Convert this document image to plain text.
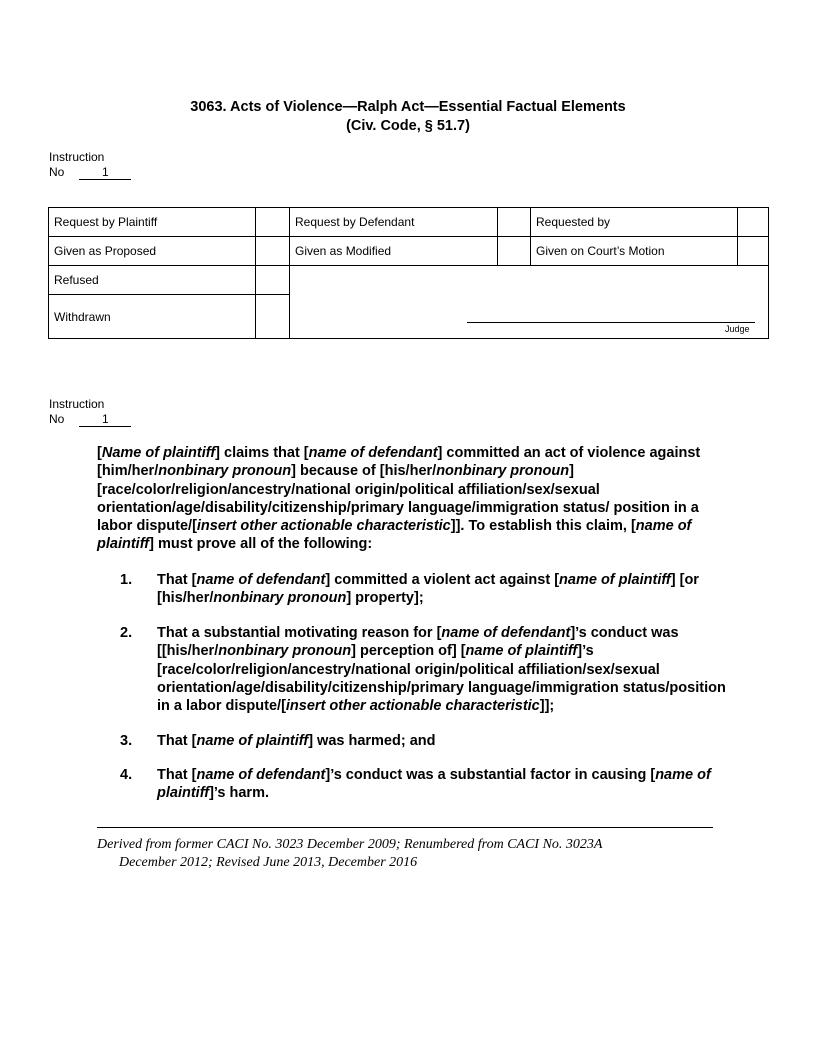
3063. Acts of Violence—Ralph Act—Essential Factual Elements
(Civ. Code, § 51.7)
Instruction
No	1
Request by Plaintiff	Request by Defendant	Requested by
Given as Proposed	Given as Modified	Given on Court’s Motion
Refused
Withdrawn
Judge
Instruction
No	1

[Name of plaintiff] claims that [name of defendant] committed an act of violence against [him/her/nonbinary pronoun] because of [his/her/nonbinary pronoun] [race/color/religion/ancestry/national origin/political affiliation/sex/sexual orientation/age/disability/citizenship/primary language/immigration status/ position in a labor dispute/[insert other actionable characteristic]]. To establish this claim, [name of plaintiff] must prove all of the following:

1. That [name of defendant] committed a violent act against [name of plaintiff] [or [his/her/nonbinary pronoun] property];
2. That a substantial motivating reason for [name of defendant]’s conduct was [[his/her/nonbinary pronoun] perception of] [name of plaintiff]’s [race/color/religion/ancestry/national origin/political affiliation/sex/sexual orientation/age/disability/citizenship/primary language/immigration status/position in a labor dispute/[insert other actionable characteristic]];
3. That [name of plaintiff] was harmed; and
4. That [name of defendant]’s conduct was a substantial factor in causing [name of plaintiff]’s harm.
Derived from former CACI No. 3023 December 2009; Renumbered from CACI No. 3023A
December 2012; Revised June 2013, December 2016
